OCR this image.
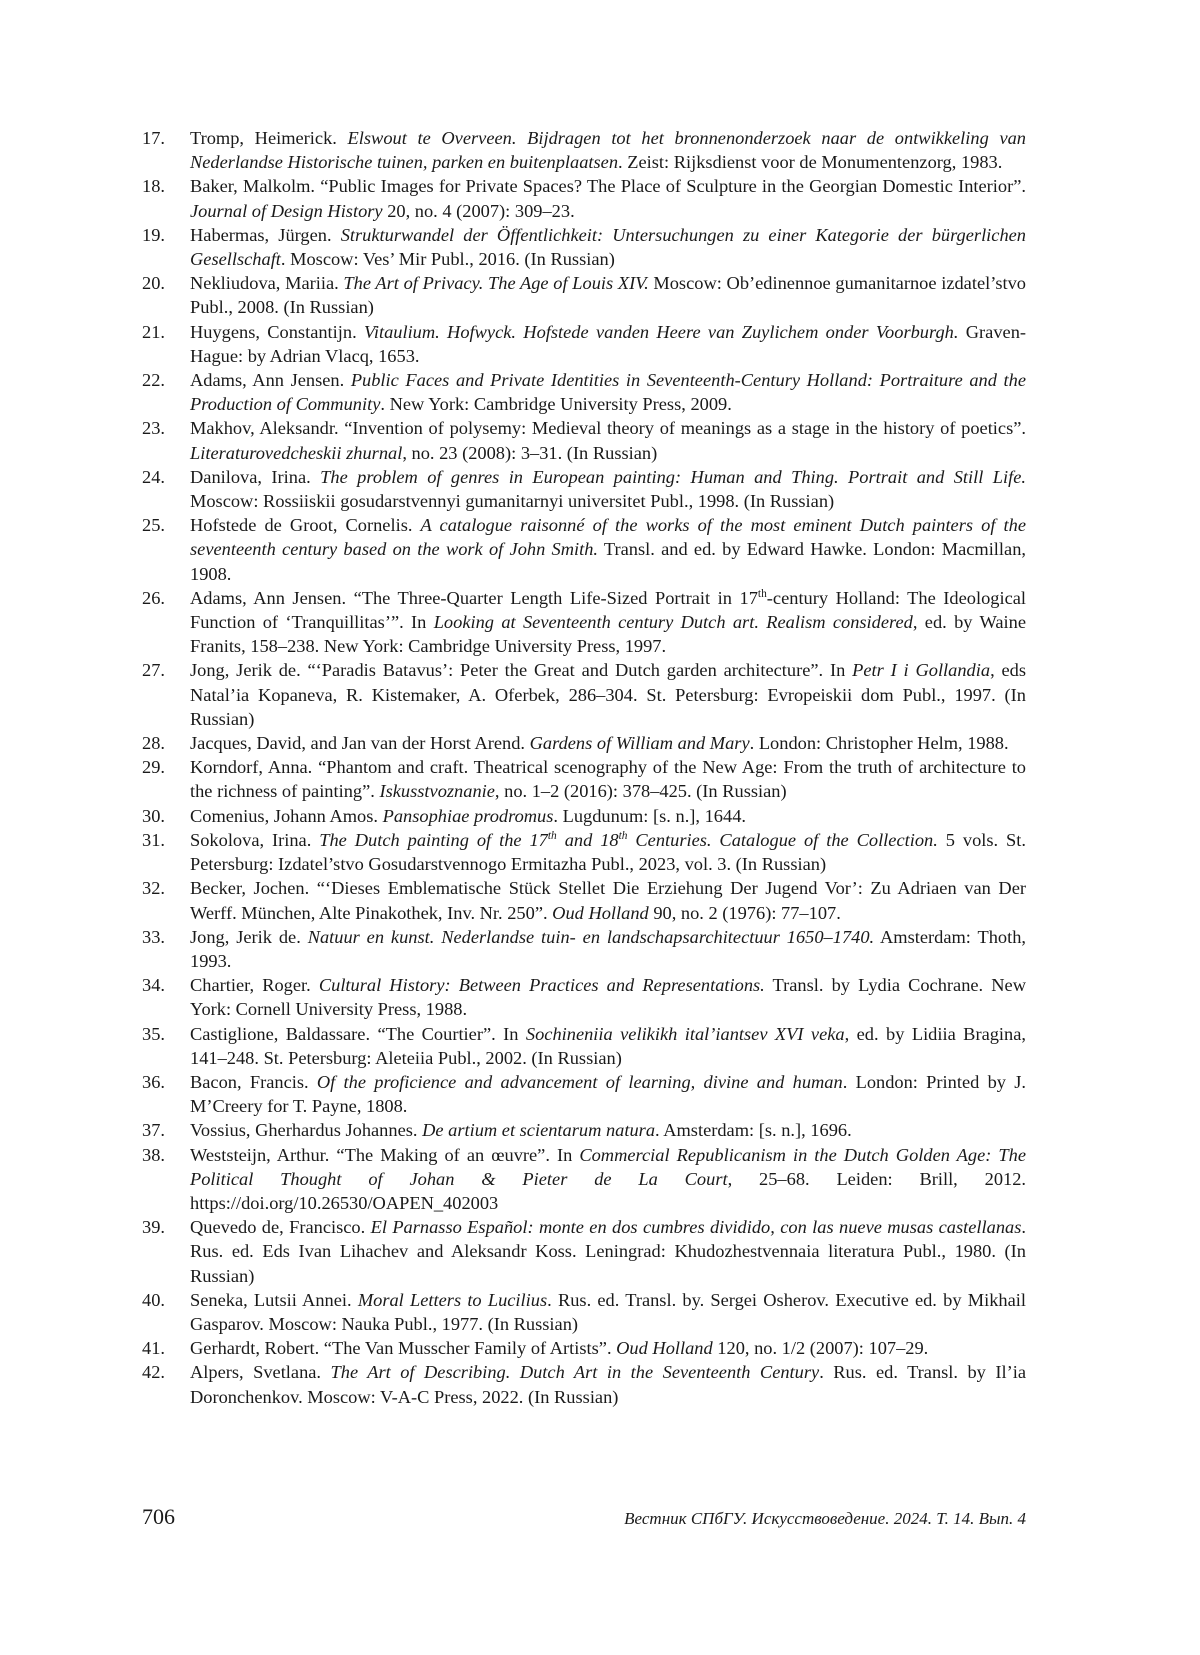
17.	Tromp, Heimerick. Elswout te Overveen. Bijdragen tot het bronnenonderzoek naar de ontwikkeling van Nederlandse Historische tuinen, parken en buitenplaatsen. Zeist: Rijksdienst voor de Monumentenzorg, 1983.
18.	Baker, Malkolm. “Public Images for Private Spaces? The Place of Sculpture in the Georgian Domestic Interior”. Journal of Design History 20, no. 4 (2007): 309–23.
19.	Habermas, Jürgen. Strukturwandel der Öffentlichkeit: Untersuchungen zu einer Kategorie der bürgerlichen Gesellschaft. Moscow: Ves’ Mir Publ., 2016. (In Russian)
20.	Nekliudova, Mariia. The Art of Privacy. The Age of Louis XIV. Moscow: Ob’edinennoe gumanitarnoe izdatel’stvo Publ., 2008. (In Russian)
21.	Huygens, Constantijn. Vitaulium. Hofwyck. Hofstede vanden Heere van Zuylichem onder Voorburgh. Graven-Hague: by Adrian Vlacq, 1653.
22.	Adams, Ann Jensen. Public Faces and Private Identities in Seventeenth-Century Holland: Portraiture and the Production of Community. New York: Cambridge University Press, 2009.
23.	Makhov, Aleksandr. “Invention of polysemy: Medieval theory of meanings as a stage in the history of poetics”. Literaturovedcheskii zhurnal, no. 23 (2008): 3–31. (In Russian)
24.	Danilova, Irina. The problem of genres in European painting: Human and Thing. Portrait and Still Life. Moscow: Rossiiskii gosudarstvennyi gumanitarnyi universitet Publ., 1998. (In Russian)
25.	Hofstede de Groot, Cornelis. A catalogue raisonné of the works of the most eminent Dutch painters of the seventeenth century based on the work of John Smith. Transl. and ed. by Edward Hawke. London: Macmillan, 1908.
26.	Adams, Ann Jensen. “The Three-Quarter Length Life-Sized Portrait in 17th-century Holland: The Ideological Function of ‘Tranquillitas’”. In Looking at Seventeenth century Dutch art. Realism considered, ed. by Waine Franits, 158–238. New York: Cambridge University Press, 1997.
27.	Jong, Jerik de. “‘Paradis Batavus’: Peter the Great and Dutch garden architecture”. In Petr I i Gollandia, eds Natal’ia Kopaneva, R. Kistemaker, A. Oferbek, 286–304. St. Petersburg: Evropeiskii dom Publ., 1997. (In Russian)
28.	Jacques, David, and Jan van der Horst Arend. Gardens of William and Mary. London: Christopher Helm, 1988.
29.	Korndorf, Anna. “Phantom and craft. Theatrical scenography of the New Age: From the truth of architecture to the richness of painting”. Iskusstvoznanie, no. 1–2 (2016): 378–425. (In Russian)
30.	Comenius, Johann Amos. Pansophiae prodromus. Lugdunum: [s. n.], 1644.
31.	Sokolova, Irina. The Dutch painting of the 17th and 18th Centuries. Catalogue of the Collection. 5 vols. St. Petersburg: Izdatel’stvo Gosudarstvennogo Ermitazha Publ., 2023, vol. 3. (In Russian)
32.	Becker, Jochen. “‘Dieses Emblematische Stück Stellet Die Erziehung Der Jugend Vor’: Zu Adriaen van Der Werff. München, Alte Pinakothek, Inv. Nr. 250”. Oud Holland 90, no. 2 (1976): 77–107.
33.	Jong, Jerik de. Natuur en kunst. Nederlandse tuin- en landschapsarchitectuur 1650–1740. Amsterdam: Thoth, 1993.
34.	Chartier, Roger. Cultural History: Between Practices and Representations. Transl. by Lydia Cochrane. New York: Cornell University Press, 1988.
35.	Castiglione, Baldassare. “The Courtier”. In Sochineniia velikikh ital’iantsev XVI veka, ed. by Lidiia Bragina, 141–248. St. Petersburg: Aleteiia Publ., 2002. (In Russian)
36.	Bacon, Francis. Of the proficience and advancement of learning, divine and human. London: Printed by J. M’Creery for T. Payne, 1808.
37.	Vossius, Gherhardus Johannes. De artium et scientarum natura. Amsterdam: [s. n.], 1696.
38.	Weststeijn, Arthur. “The Making of an œuvre”. In Commercial Republicanism in the Dutch Golden Age: The Political Thought of Johan & Pieter de La Court, 25–68. Leiden: Brill, 2012. https://doi.org/10.26530/OAPEN_402003
39.	Quevedo de, Francisco. El Parnasso Español: monte en dos cumbres dividido, con las nueve musas castellanas. Rus. ed. Eds Ivan Lihachev and Aleksandr Koss. Leningrad: Khudozhestvennaia literatura Publ., 1980. (In Russian)
40.	Seneka, Lutsii Annei. Moral Letters to Lucilius. Rus. ed. Transl. by. Sergei Osherov. Executive ed. by Mikhail Gasparov. Moscow: Nauka Publ., 1977. (In Russian)
41.	Gerhardt, Robert. “The Van Musscher Family of Artists”. Oud Holland 120, no. 1/2 (2007): 107–29.
42.	Alpers, Svetlana. The Art of Describing. Dutch Art in the Seventeenth Century. Rus. ed. Transl. by Il’ia Doronchenkov. Moscow: V-A-C Press, 2022. (In Russian)
706	Вестник СПбГУ. Искусствоведение. 2024. Т. 14. Вып. 4
